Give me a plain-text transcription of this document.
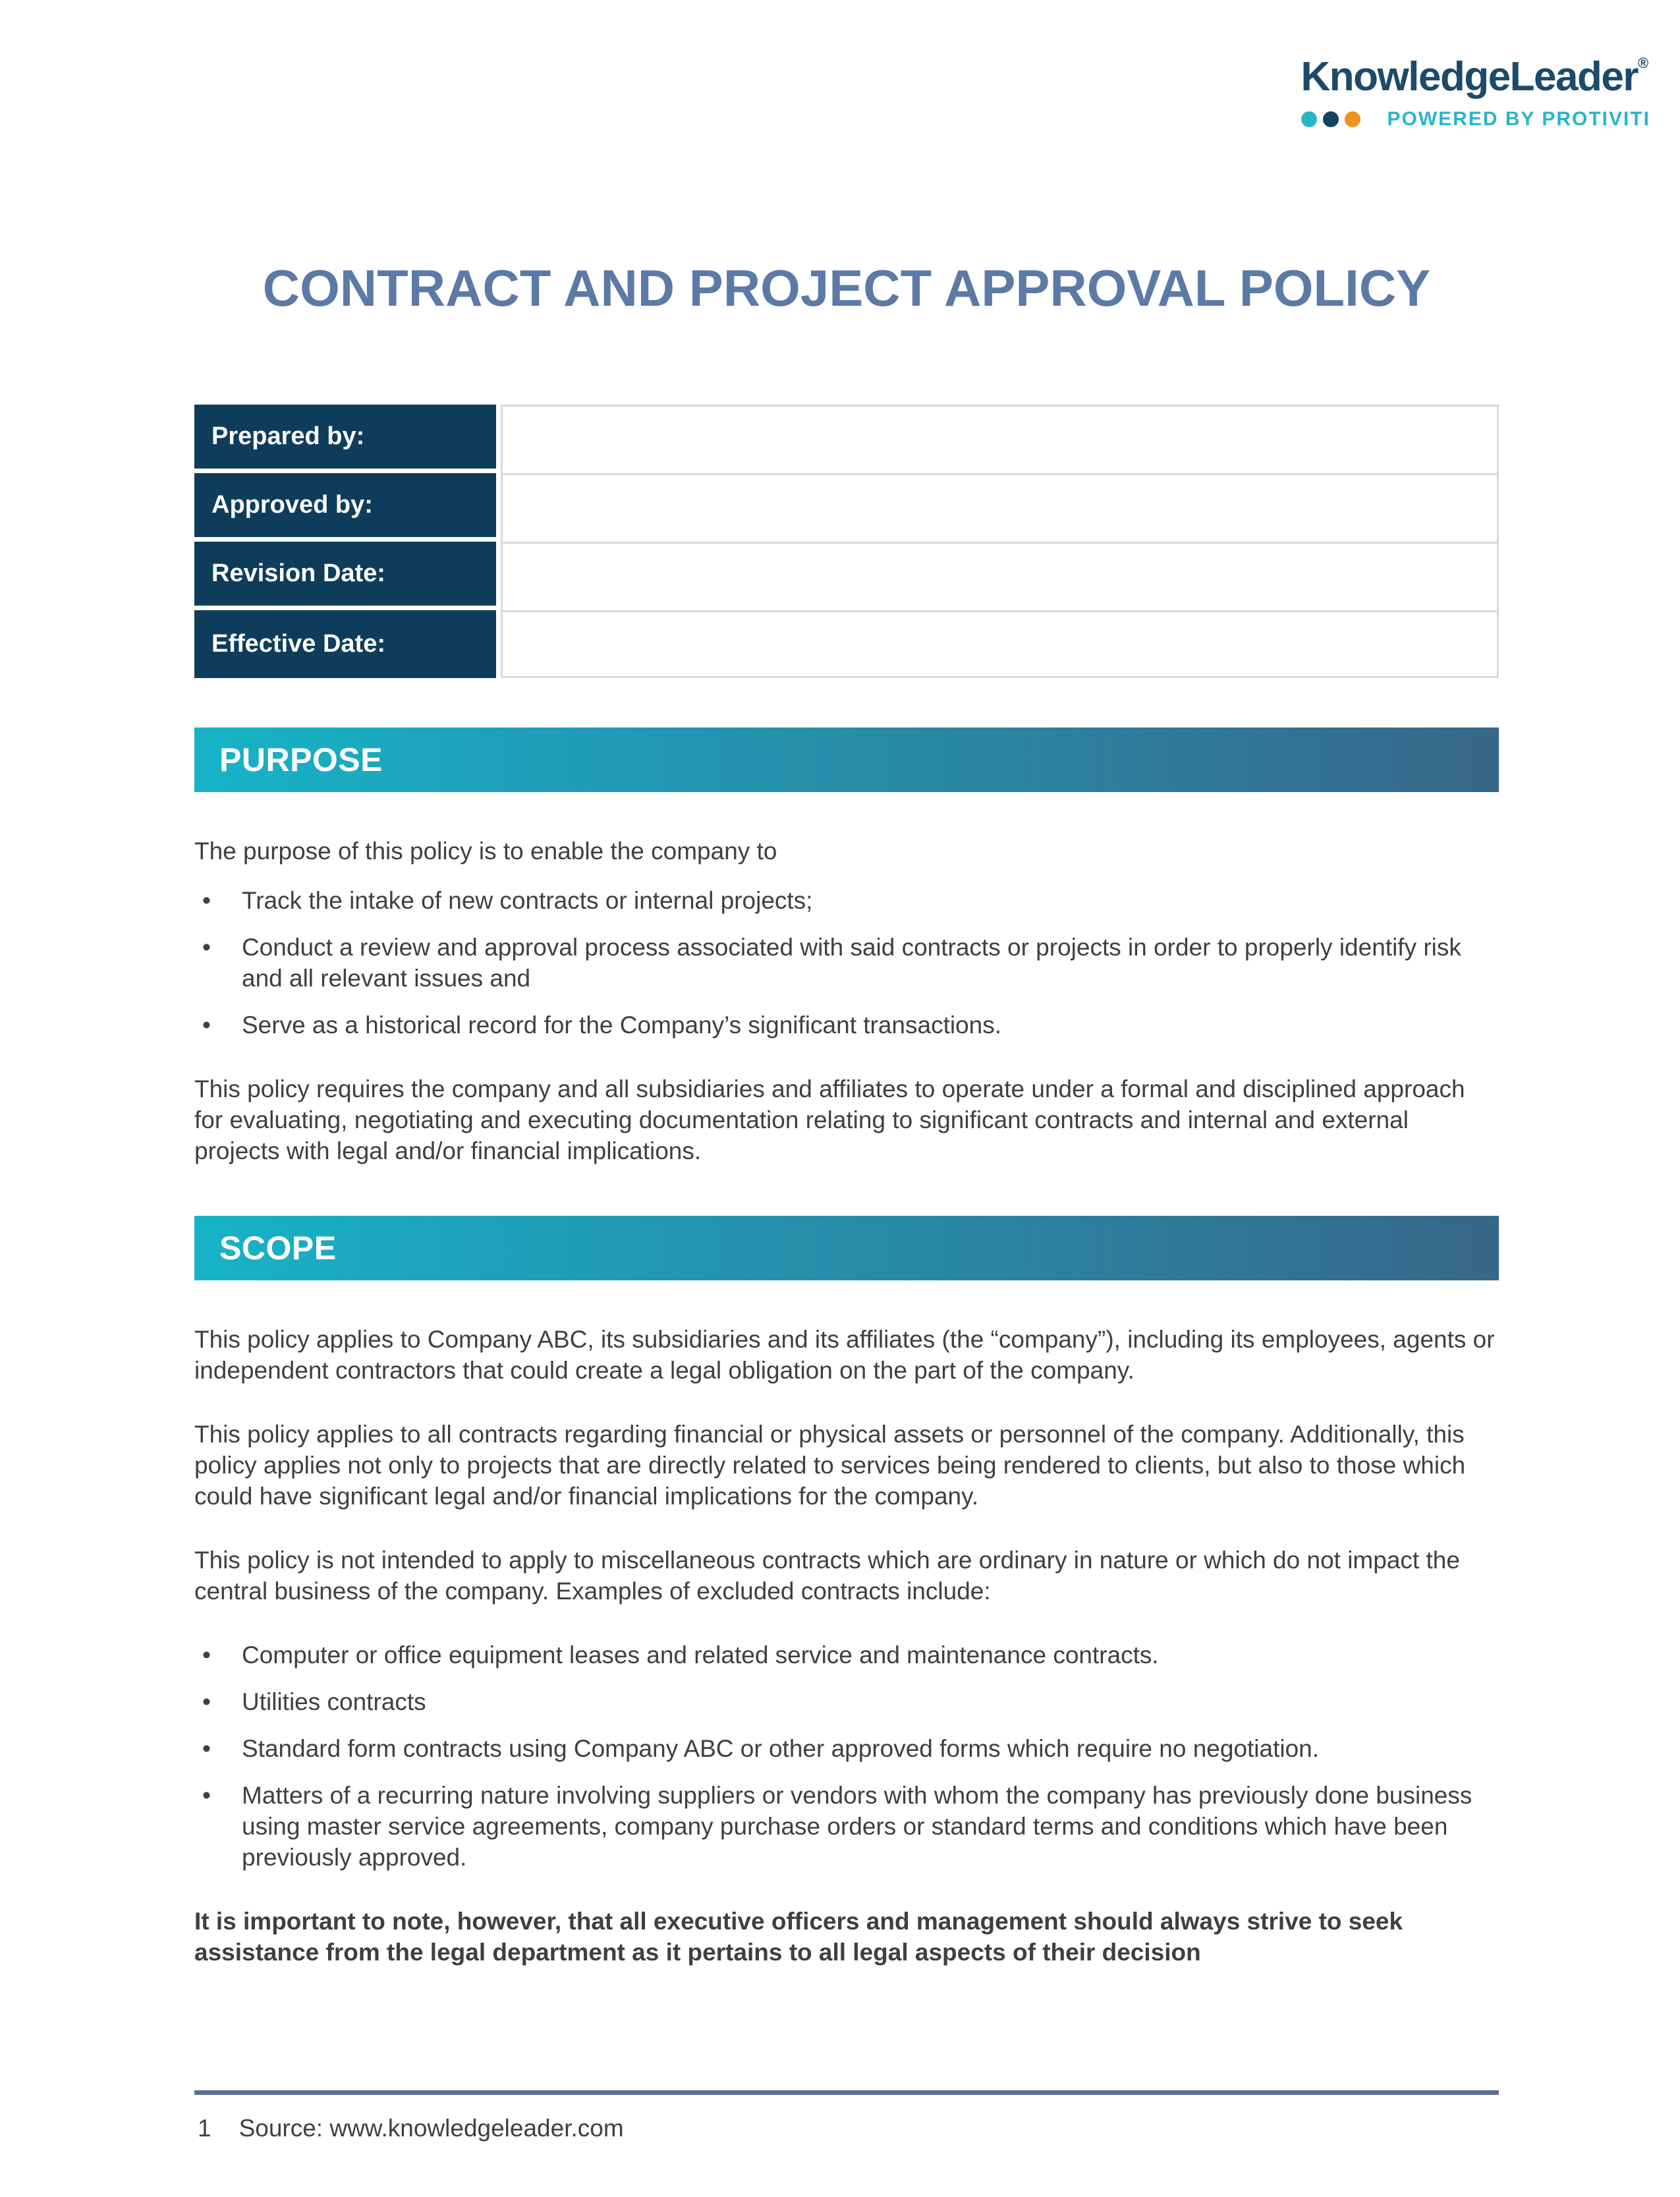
KnowledgeLeader®
POWERED BY PROTIVITI
CONTRACT AND PROJECT APPROVAL POLICY
Prepared by:	
Approved by:	
Revision Date:	
Effective Date:	
PURPOSE

The purpose of this policy is to enable the company to

• Track the intake of new contracts or internal projects;
• Conduct a review and approval process associated with said contracts or projects in order to properly identify risk and all relevant issues and
• Serve as a historical record for the Company’s significant transactions.

This policy requires the company and all subsidiaries and affiliates to operate under a formal and disciplined approach for evaluating, negotiating and executing documentation relating to significant contracts and internal and external projects with legal and/or financial implications.

SCOPE

This policy applies to Company ABC, its subsidiaries and its affiliates (the “company”), including its employees, agents or independent contractors that could create a legal obligation on the part of the company.

This policy applies to all contracts regarding financial or physical assets or personnel of the company. Additionally, this policy applies not only to projects that are directly related to services being rendered to clients, but also to those which could have significant legal and/or financial implications for the company.

This policy is not intended to apply to miscellaneous contracts which are ordinary in nature or which do not impact the central business of the company. Examples of excluded contracts include:

• Computer or office equipment leases and related service and maintenance contracts.
• Utilities contracts
• Standard form contracts using Company ABC or other approved forms which require no negotiation.
• Matters of a recurring nature involving suppliers or vendors with whom the company has previously done business using master service agreements, company purchase orders or standard terms and conditions which have been previously approved.

It is important to note, however, that all executive officers and management should always strive to seek assistance from the legal department as it pertains to all legal aspects of their decision

1 Source: www.knowledgeleader.com
